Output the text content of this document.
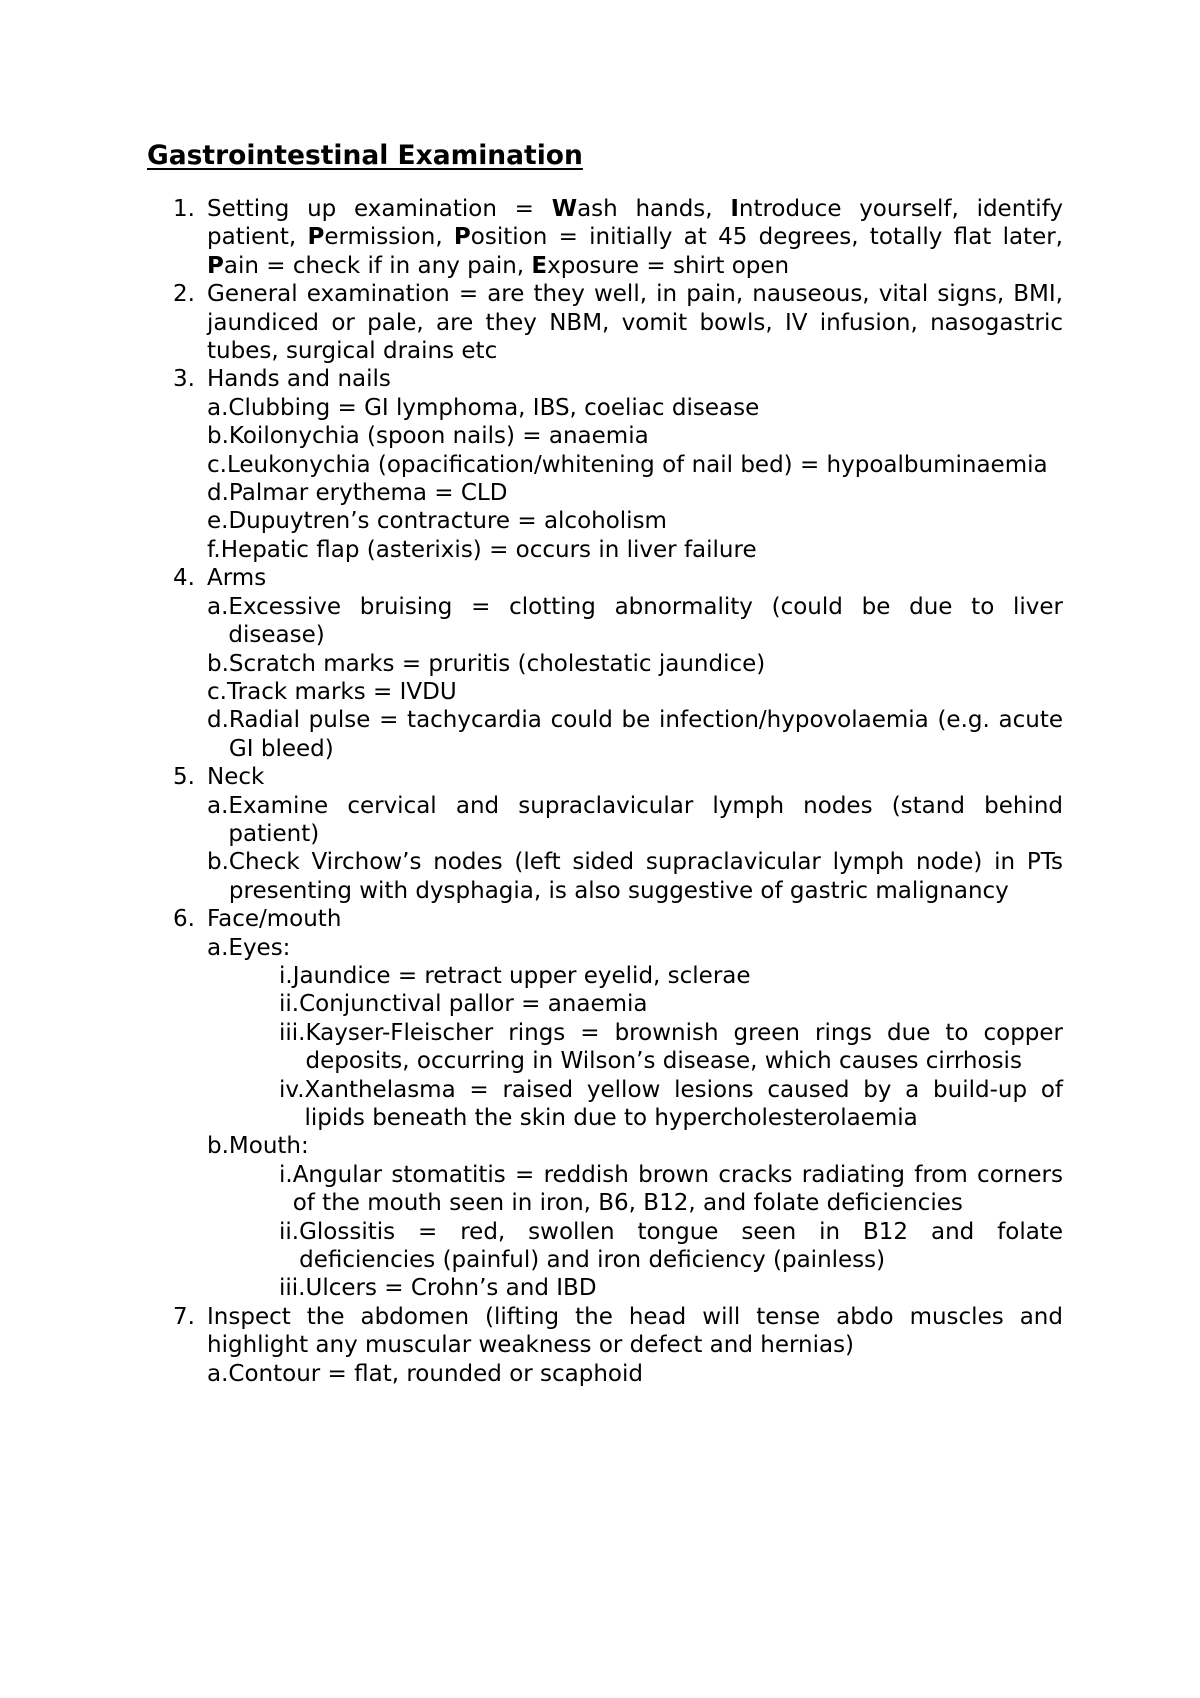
Gastrointestinal Examination
1. Setting up examination = Wash hands, Introduce yourself, identify patient, Permission, Position = initially at 45 degrees, totally flat later, Pain = check if in any pain, Exposure = shirt open
2. General examination = are they well, in pain, nauseous, vital signs, BMI, jaundiced or pale, are they NBM, vomit bowls, IV infusion, nasogastric tubes, surgical drains etc
3. Hands and nails
a. Clubbing = GI lymphoma, IBS, coeliac disease
b. Koilonychia (spoon nails) = anaemia
c. Leukonychia (opacification/whitening of nail bed) = hypoalbuminaemia
d. Palmar erythema = CLD
e. Dupuytren’s contracture = alcoholism
f. Hepatic flap (asterixis) = occurs in liver failure
4. Arms
a. Excessive bruising = clotting abnormality (could be due to liver disease)
b. Scratch marks = pruritis (cholestatic jaundice)
c. Track marks = IVDU
d. Radial pulse = tachycardia could be infection/hypovolaemia (e.g. acute GI bleed)
5. Neck
a. Examine cervical and supraclavicular lymph nodes (stand behind patient)
b. Check Virchow’s nodes (left sided supraclavicular lymph node) in PTs presenting with dysphagia, is also suggestive of gastric malignancy
6. Face/mouth
a. Eyes:
i. Jaundice = retract upper eyelid, sclerae
ii. Conjunctival pallor = anaemia
iii. Kayser-Fleischer rings = brownish green rings due to copper deposits, occurring in Wilson’s disease, which causes cirrhosis
iv. Xanthelasma = raised yellow lesions caused by a build-up of lipids beneath the skin due to hypercholesterolaemia
b. Mouth:
i. Angular stomatitis = reddish brown cracks radiating from corners of the mouth seen in iron, B6, B12, and folate deficiencies
ii. Glossitis = red, swollen tongue seen in B12 and folate deficiencies (painful) and iron deficiency (painless)
iii. Ulcers = Crohn’s and IBD
7. Inspect the abdomen (lifting the head will tense abdo muscles and highlight any muscular weakness or defect and hernias)
a. Contour = flat, rounded or scaphoid
